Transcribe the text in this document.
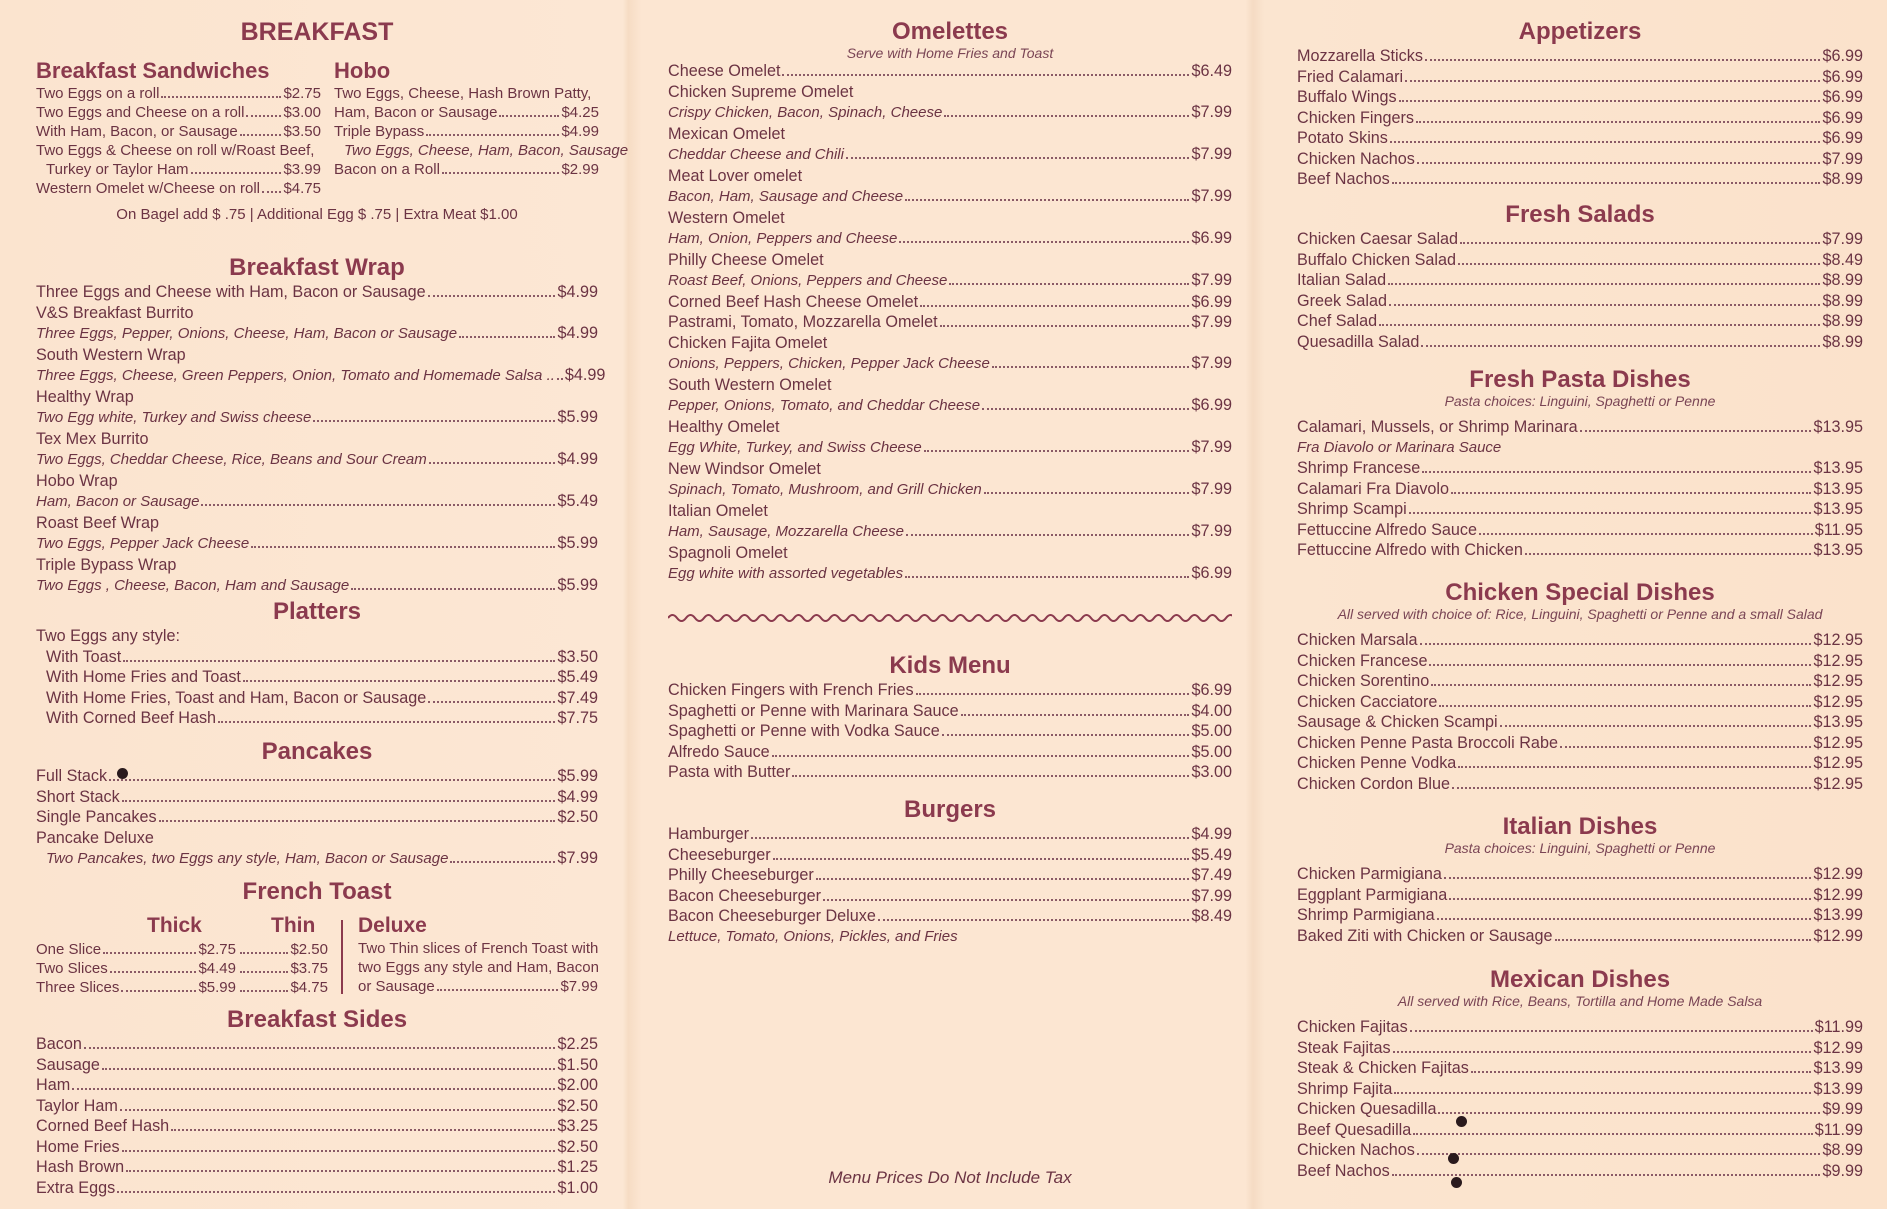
BREAKFAST
Breakfast Sandwiches
Two Eggs on a roll	$2.75
Two Eggs and Cheese on a roll	$3.00
With Ham, Bacon, or Sausage	$3.50
Two Eggs & Cheese on roll w/Roast Beef,
Turkey or Taylor Ham	$3.99
Western Omelet w/Cheese on roll $4.75
Hobo
Two Eggs, Cheese, Hash Brown Patty,
Ham, Bacon or Sausage	$4.25
Triple Bypass	$4.99
Two Eggs, Cheese, Ham, Bacon, Sausage
Bacon on a Roll	$2.99
On Bagel add $ .75 | Additional Egg $ .75 | Extra Meat $1.00
Breakfast Wrap
Three Eggs and Cheese with Ham, Bacon or Sausage	$4.99
V&S Breakfast Burrito
Three Eggs, Pepper, Onions, Cheese, Ham, Bacon or Sausage	$4.99
South Western Wrap
Three Eggs, Cheese, Green Peppers, Onion, Tomato and Homemade Salsa .. $4.99
Healthy Wrap
Two Egg white, Turkey and Swiss cheese	$5.99
Tex Mex Burrito
Two Eggs, Cheddar Cheese, Rice, Beans and Sour Cream	$4.99
Hobo Wrap
Ham, Bacon or Sausage	$5.49
Roast Beef Wrap
Two Eggs, Pepper Jack Cheese	$5.99
Triple Bypass Wrap
Two Eggs , Cheese, Bacon, Ham and Sausage	$5.99
Platters
Two Eggs any style:
With Toast	$3.50
With Home Fries and Toast	$5.49
With Home Fries, Toast and Ham, Bacon or Sausage	$7.49
With Corned Beef Hash	$7.75
Pancakes
Full Stack	$5.99
Short Stack	$4.99
Single Pancakes	$2.50
Pancake Deluxe
Two Pancakes, two Eggs any style, Ham, Bacon or Sausage	$7.99
French Toast
Thick	Thin Deluxe
One Slice	$2.75	$2.50
Two Slices	$4.49	$3.75
Three Slices	$5.99	$4.75
Two Thin slices of French Toast with
two Eggs any style and Ham, Bacon
or Sausage	$7.99
Breakfast Sides
Bacon	$2.25
Sausage	$1.50
Ham	$2.00
Taylor Ham	$2.50
Corned Beef Hash	$3.25
Home Fries	$2.50
Hash Brown	$1.25
Extra Eggs	$1.00
Omelettes
Serve with Home Fries and Toast
Cheese Omelet	$6.49
Chicken Supreme Omelet
Crispy Chicken, Bacon, Spinach, Cheese	$7.99
Mexican Omelet
Cheddar Cheese and Chili	$7.99
Meat Lover omelet
Bacon, Ham, Sausage and Cheese	$7.99
Western Omelet
Ham, Onion, Peppers and Cheese	$6.99
Philly Cheese Omelet
Roast Beef, Onions, Peppers and Cheese	$7.99
Corned Beef Hash Cheese Omelet	$6.99
Pastrami, Tomato, Mozzarella Omelet	$7.99
Chicken Fajita Omelet
Onions, Peppers, Chicken, Pepper Jack Cheese	$7.99
South Western Omelet
Pepper, Onions, Tomato, and Cheddar Cheese	$6.99
Healthy Omelet
Egg White, Turkey, and Swiss Cheese	$7.99
New Windsor Omelet
Spinach, Tomato, Mushroom, and Grill Chicken	$7.99
Italian Omelet
Ham, Sausage, Mozzarella Cheese	$7.99
Spagnoli Omelet
Egg white with assorted vegetables	$6.99
Kids Menu
Chicken Fingers with French Fries	$6.99
Spaghetti or Penne with Marinara Sauce	$4.00
Spaghetti or Penne with Vodka Sauce	$5.00
Alfredo Sauce	$5.00
Pasta with Butter	$3.00
Burgers
Hamburger	$4.99
Cheeseburger	$5.49
Philly Cheeseburger	$7.49
Bacon Cheeseburger	$7.99
Bacon Cheeseburger Deluxe	$8.49
Lettuce, Tomato, Onions, Pickles, and Fries
Menu Prices Do Not Include Tax
Appetizers
Mozzarella Sticks	$6.99
Fried Calamari	$6.99
Buffalo Wings	$6.99
Chicken Fingers	$6.99
Potato Skins	$6.99
Chicken Nachos	$7.99
Beef Nachos	$8.99
Fresh Salads
Chicken Caesar Salad	$7.99
Buffalo Chicken Salad	$8.49
Italian Salad	$8.99
Greek Salad	$8.99
Chef Salad	$8.99
Quesadilla Salad	$8.99
Fresh Pasta Dishes
Pasta choices: Linguini, Spaghetti or Penne
Calamari, Mussels, or Shrimp Marinara	$13.95
Fra Diavolo or Marinara Sauce
Shrimp Francese	$13.95
Calamari Fra Diavolo	$13.95
Shrimp Scampi	$13.95
Fettuccine Alfredo Sauce	$11.95
Fettuccine Alfredo with Chicken	$13.95
Chicken Special Dishes
All served with choice of: Rice, Linguini, Spaghetti or Penne and a small Salad
Chicken Marsala	$12.95
Chicken Francese	$12.95
Chicken Sorentino	$12.95
Chicken Cacciatore	$12.95
Sausage & Chicken Scampi	$13.95
Chicken Penne Pasta Broccoli Rabe	$12.95
Chicken Penne Vodka	$12.95
Chicken Cordon Blue	$12.95
Italian Dishes
Pasta choices: Linguini, Spaghetti or Penne
Chicken Parmigiana	$12.99
Eggplant Parmigiana	$12.99
Shrimp Parmigiana	$13.99
Baked Ziti with Chicken or Sausage	$12.99
Mexican Dishes
All served with Rice, Beans, Tortilla and Home Made Salsa
Chicken Fajitas	$11.99
Steak Fajitas	$12.99
Steak & Chicken Fajitas	$13.99
Shrimp Fajita	$13.99
Chicken Quesadilla	$9.99
Beef Quesadilla	$11.99
Chicken Nachos	$8.99
Beef Nachos	$9.99
